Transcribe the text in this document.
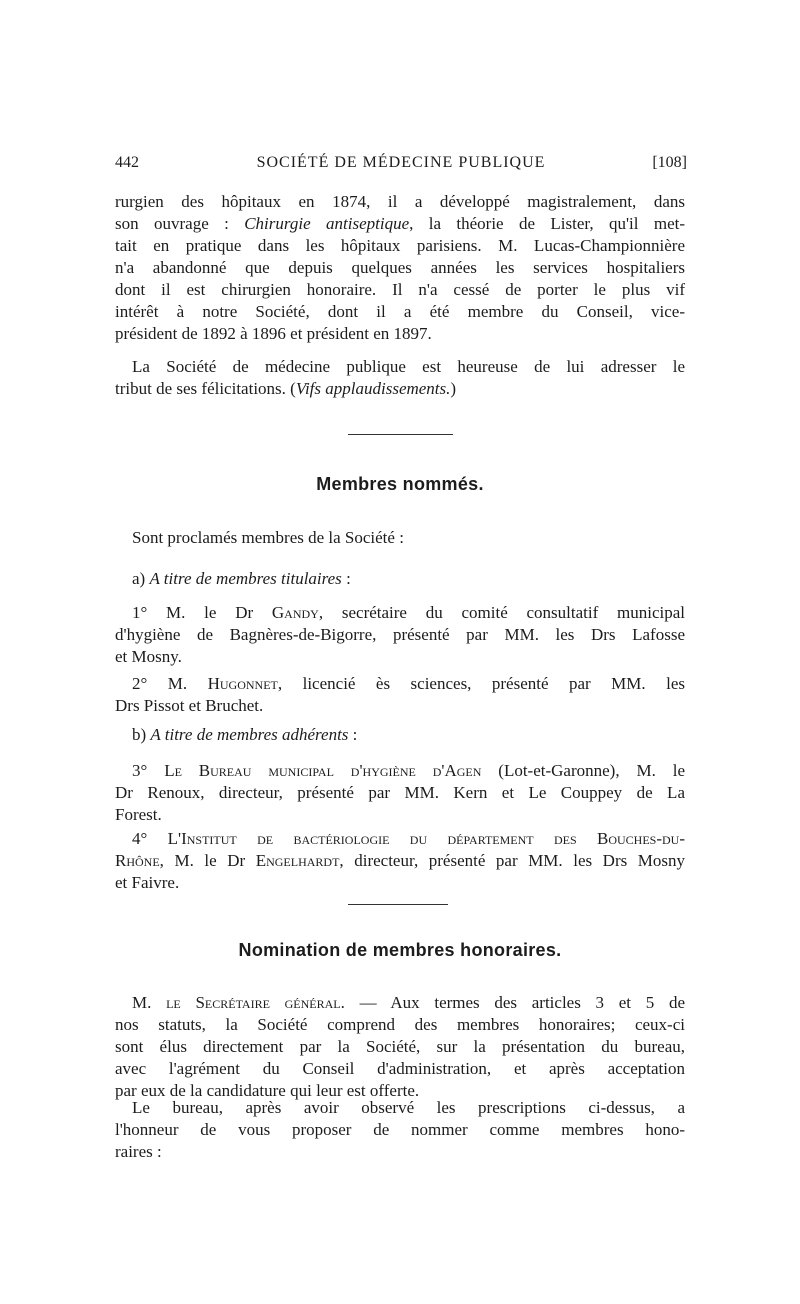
442	SOCIÉTÉ DE MÉDECINE PUBLIQUE	[108]
rurgien des hôpitaux en 1874, il a développé magistralement, dans
son ouvrage : Chirurgie antiseptique, la théorie de Lister, qu'il met-
tait en pratique dans les hôpitaux parisiens. M. Lucas-Championnière
n'a abandonné que depuis quelques années les services hospitaliers
dont il est chirurgien honoraire. Il n'a cessé de porter le plus vif
intérêt à notre Société, dont il a été membre du Conseil, vice-
président de 1892 à 1896 et président en 1897.
La Société de médecine publique est heureuse de lui adresser le
tribut de ses félicitations. (Vifs applaudissements.)
Membres nommés.
Sont proclamés membres de la Société :
a) A titre de membres titulaires :
1° M. le Dr Gandy, secrétaire du comité consultatif municipal
d'hygiène de Bagnères-de-Bigorre, présenté par MM. les Drs Lafosse
et Mosny.
2° M. Hugonnet, licencié ès sciences, présenté par MM. les
Drs Pissot et Bruchet.
b) A titre de membres adhérents :
3° Le Bureau municipal d'hygiène d'Agen (Lot-et-Garonne), M. le
Dr Renoux, directeur, présenté par MM. Kern et Le Couppey de La
Forest.
4° L'Institut de bactériologie du département des Bouches-du-
Rhône, M. le Dr Engelhardt, directeur, présenté par MM. les Drs Mosny
et Faivre.
Nomination de membres honoraires.
M. le Secrétaire général. — Aux termes des articles 3 et 5 de
nos statuts, la Société comprend des membres honoraires; ceux-ci
sont élus directement par la Société, sur la présentation du bureau,
avec l'agrément du Conseil d'administration, et après acceptation
par eux de la candidature qui leur est offerte.
Le bureau, après avoir observé les prescriptions ci-dessus, a
l'honneur de vous proposer de nommer comme membres hono-
raires :
